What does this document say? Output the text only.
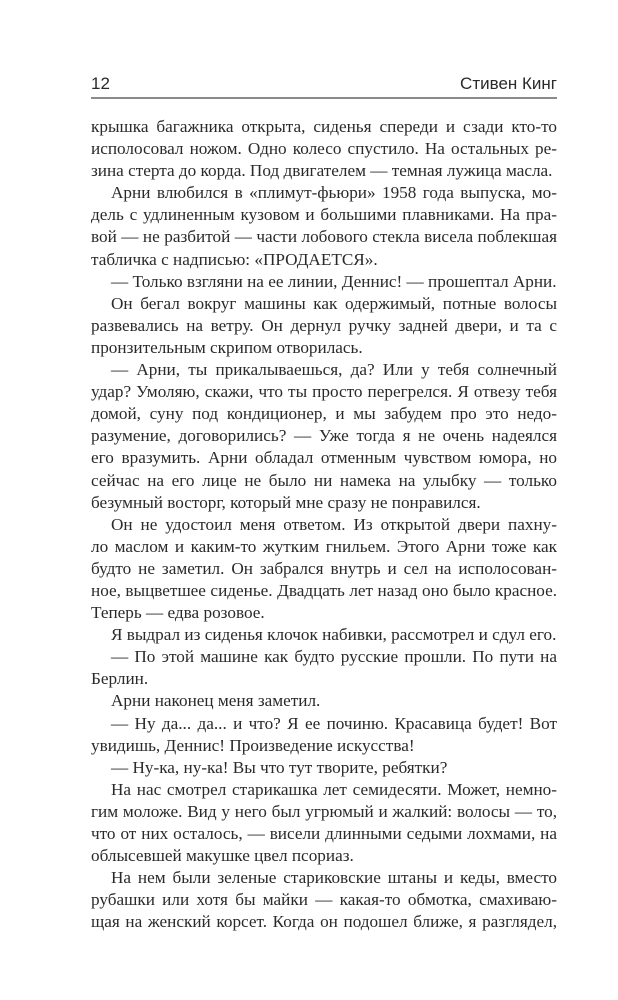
12	Стивен Кинг
крышка багажника открыта, сиденья спереди и сзади кто-то
исполосовал ножом. Одно колесо спустило. На остальных ре-
зина стерта до корда. Под двигателем — темная лужица масла.
Арни влюбился в «плимут-фьюри» 1958 года выпуска, мо-
дель с удлиненным кузовом и большими плавниками. На пра-
вой — не разбитой — части лобового стекла висела поблекшая
табличка с надписью: «ПРОДАЕТСЯ».
— Только взгляни на ее линии, Деннис! — прошептал Арни.
Он бегал вокруг машины как одержимый, потные волосы
развевались на ветру. Он дернул ручку задней двери, и та с
пронзительным скрипом отворилась.
— Арни, ты прикалываешься, да? Или у тебя солнечный
удар? Умоляю, скажи, что ты просто перегрелся. Я отвезу тебя
домой, суну под кондиционер, и мы забудем про это недо-
разумение, договорились? — Уже тогда я не очень надеялся
его вразумить. Арни обладал отменным чувством юмора, но
сейчас на его лице не было ни намека на улыбку — только
безумный восторг, который мне сразу не понравился.
Он не удостоил меня ответом. Из открытой двери пахну-
ло маслом и каким-то жутким гнильем. Этого Арни тоже как
будто не заметил. Он забрался внутрь и сел на исполосован-
ное, выцветшее сиденье. Двадцать лет назад оно было красное.
Теперь — едва розовое.
Я выдрал из сиденья клочок набивки, рассмотрел и сдул его.
— По этой машине как будто русские прошли. По пути на
Берлин.
Арни наконец меня заметил.
— Ну да... да... и что? Я ее починю. Красавица будет! Вот
увидишь, Деннис! Произведение искусства!
— Ну-ка, ну-ка! Вы что тут творите, ребятки?
На нас смотрел старикашка лет семидесяти. Может, немно-
гим моложе. Вид у него был угрюмый и жалкий: волосы — то,
что от них осталось, — висели длинными седыми лохмами, на
облысевшей макушке цвел псориаз.
На нем были зеленые стариковские штаны и кеды, вместо
рубашки или хотя бы майки — какая-то обмотка, смахиваю-
щая на женский корсет. Когда он подошел ближе, я разглядел,
